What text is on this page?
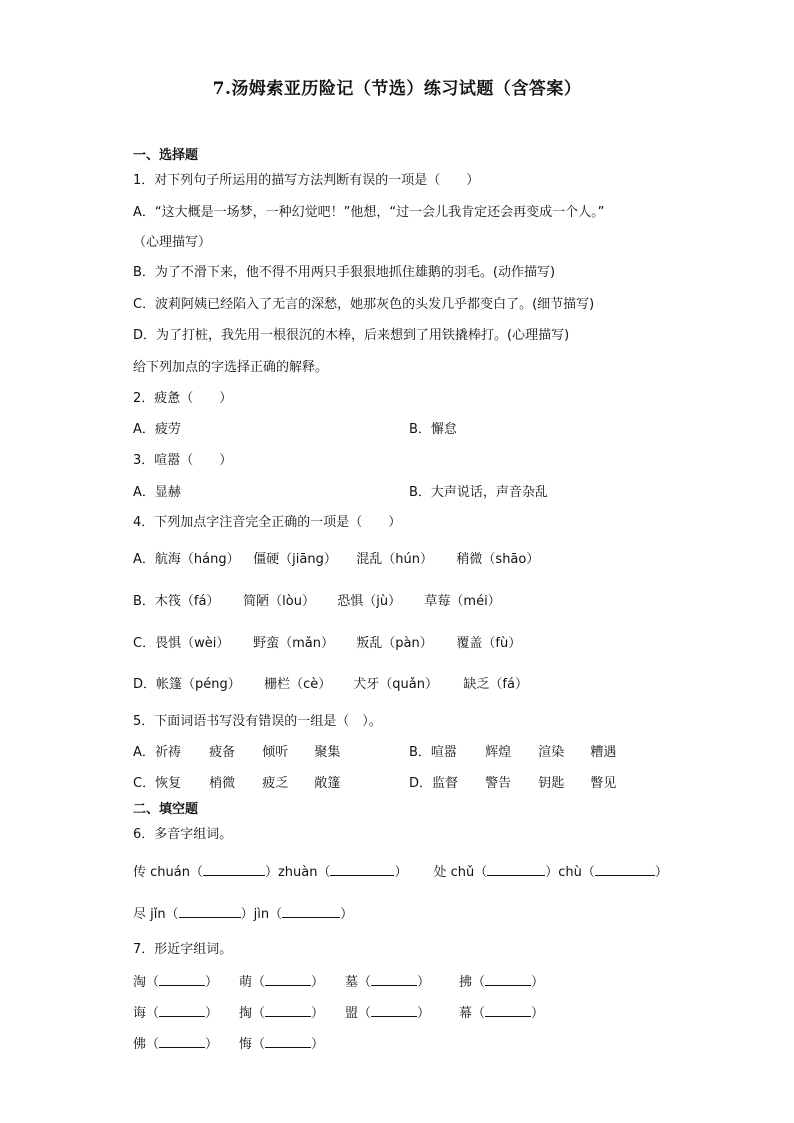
7.汤姆索亚历险记（节选）练习试题（含答案）
一、选择题
1．对下列句子所运用的描写方法判断有误的一项是（　　）
A．“这大概是一场梦，一种幻觉吧！”他想，“过一会儿我肯定还会再变成一个人。”
（心理描写）
B．为了不滑下来，他不得不用两只手狠狠地抓住雄鹅的羽毛。(动作描写)
C．波莉阿姨已经陷入了无言的深愁，她那灰色的头发几乎都变白了。(细节描写)
D．为了打桩，我先用一根很沉的木棒，后来想到了用铁撬棒打。(心理描写)
给下列加点的字选择正确的解释。
2．疲惫（　　）
A．疲劳	B．懈怠
3．喧嚣（　　）
A．显赫	B．大声说话，声音杂乱
4．下列加点字注音完全正确的一项是（　　）
A．航海（háng） 僵硬（jiāng） 混乱（hún） 稍微（shāo）
B．木筏（fá） 简陋（lòu） 恐惧（jù） 草莓（méi）
C．畏惧（wèi） 野蛮（mǎn） 叛乱（pàn） 覆盖（fù）
D．帐篷（péng） 栅栏（cè） 犬牙（quǎn） 缺乏（fá）
5．下面词语书写没有错误的一组是（　）。
A．祈祷 疲备 倾听 聚集	B．喧嚣 辉煌 渲染 糟遇
C．恢复 梢微 疲乏 敞篷	D．监督 警告 钥匙 瞥见
二、填空题
6．多音字组词。
传 chuán（	）zhuàn（	） 处 chǔ（	）chù（	）
尽 jǐn（	）jìn（	）
7．形近字组词。
淘（	） 萌（	） 墓（	） 拂（	）
诲（	） 掏（	） 盟（	） 幕（	）
佛（	） 悔（	）
